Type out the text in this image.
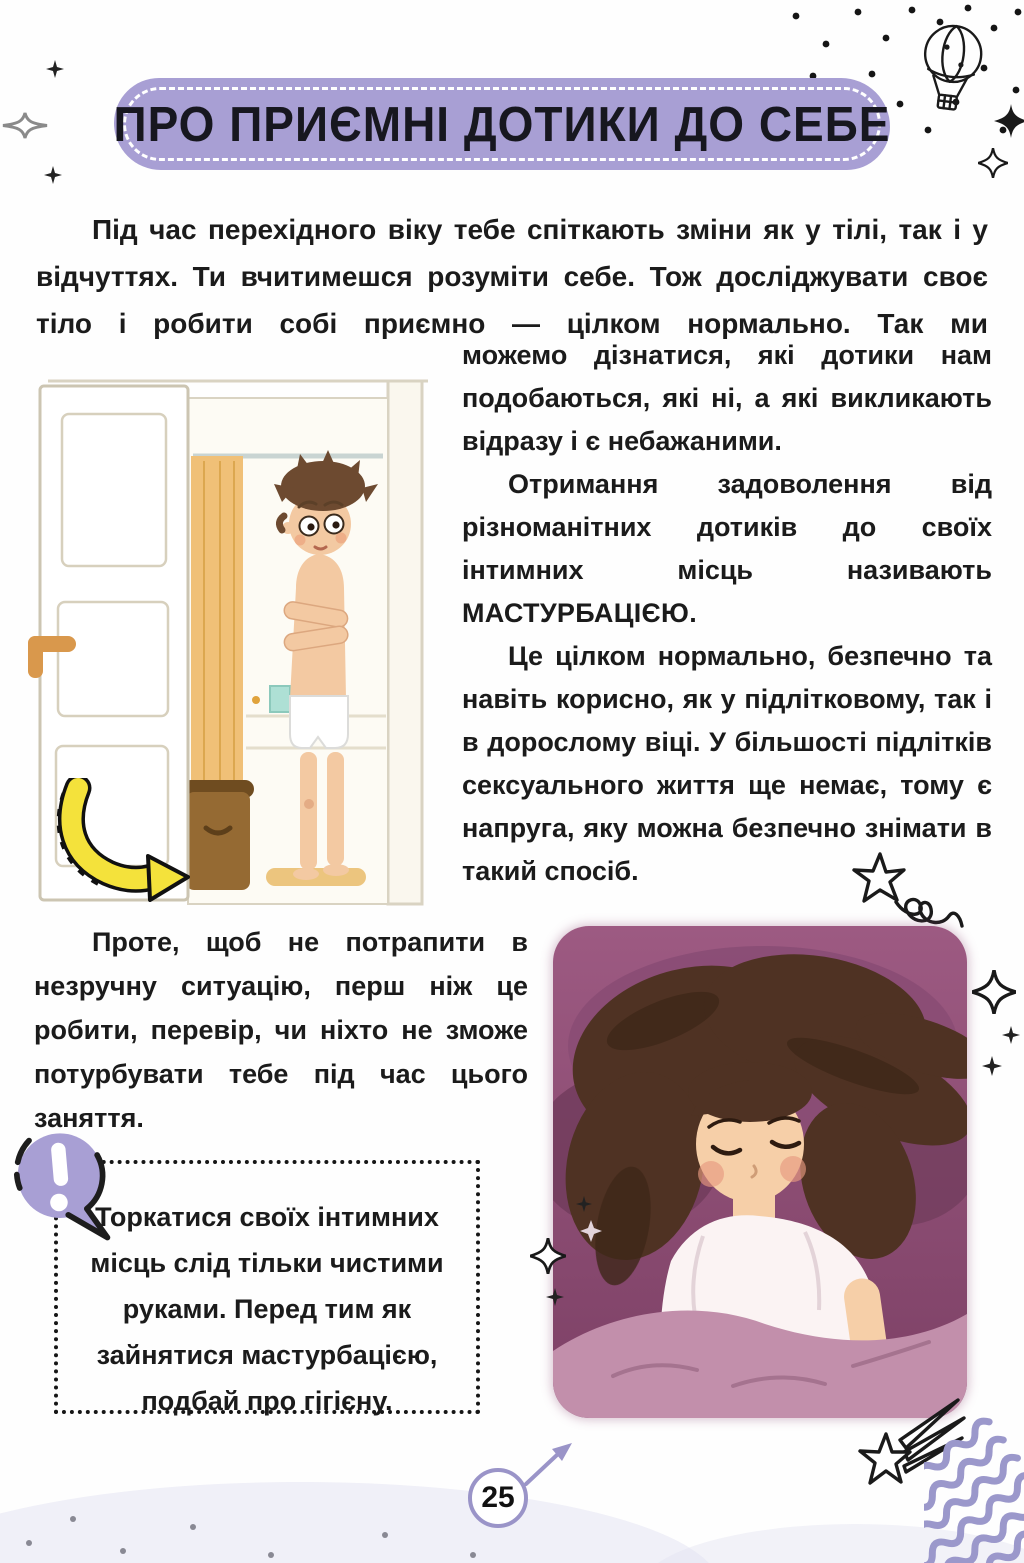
ПРО ПРИЄМНІ ДОТИКИ ДО СЕБЕ
Під час перехідного віку тебе спіткають зміни як у тілі, так і у відчуттях. Ти вчитимешся розуміти себе. Тож досліджувати своє тіло і робити собі приємно — цілком нормально. Так ми

можемо дізнатися, які дотики нам подобаються, які ні, а які викликають відразу і є небажаними.

Отримання задоволення від різноманітних дотиків до своїх інтимних місць називають МАСТУРБАЦІЄЮ.

Це цілком нормально, безпечно та навіть корисно, як у підлітковому, так і в дорослому віці. У більшості підлітків сексуального життя ще немає, тому є напруга, яку можна безпечно знімати в такий спосіб.

Проте, щоб не потрапити в незручну ситуацію, перш ніж це робити, перевір, чи ніхто не зможе потурбувати тебе під час цього заняття.

Торкатися своїх інтимних місць слід тільки чистими руками. Перед тим як зайнятися мастурбацією, подбай про гігієну.

25
